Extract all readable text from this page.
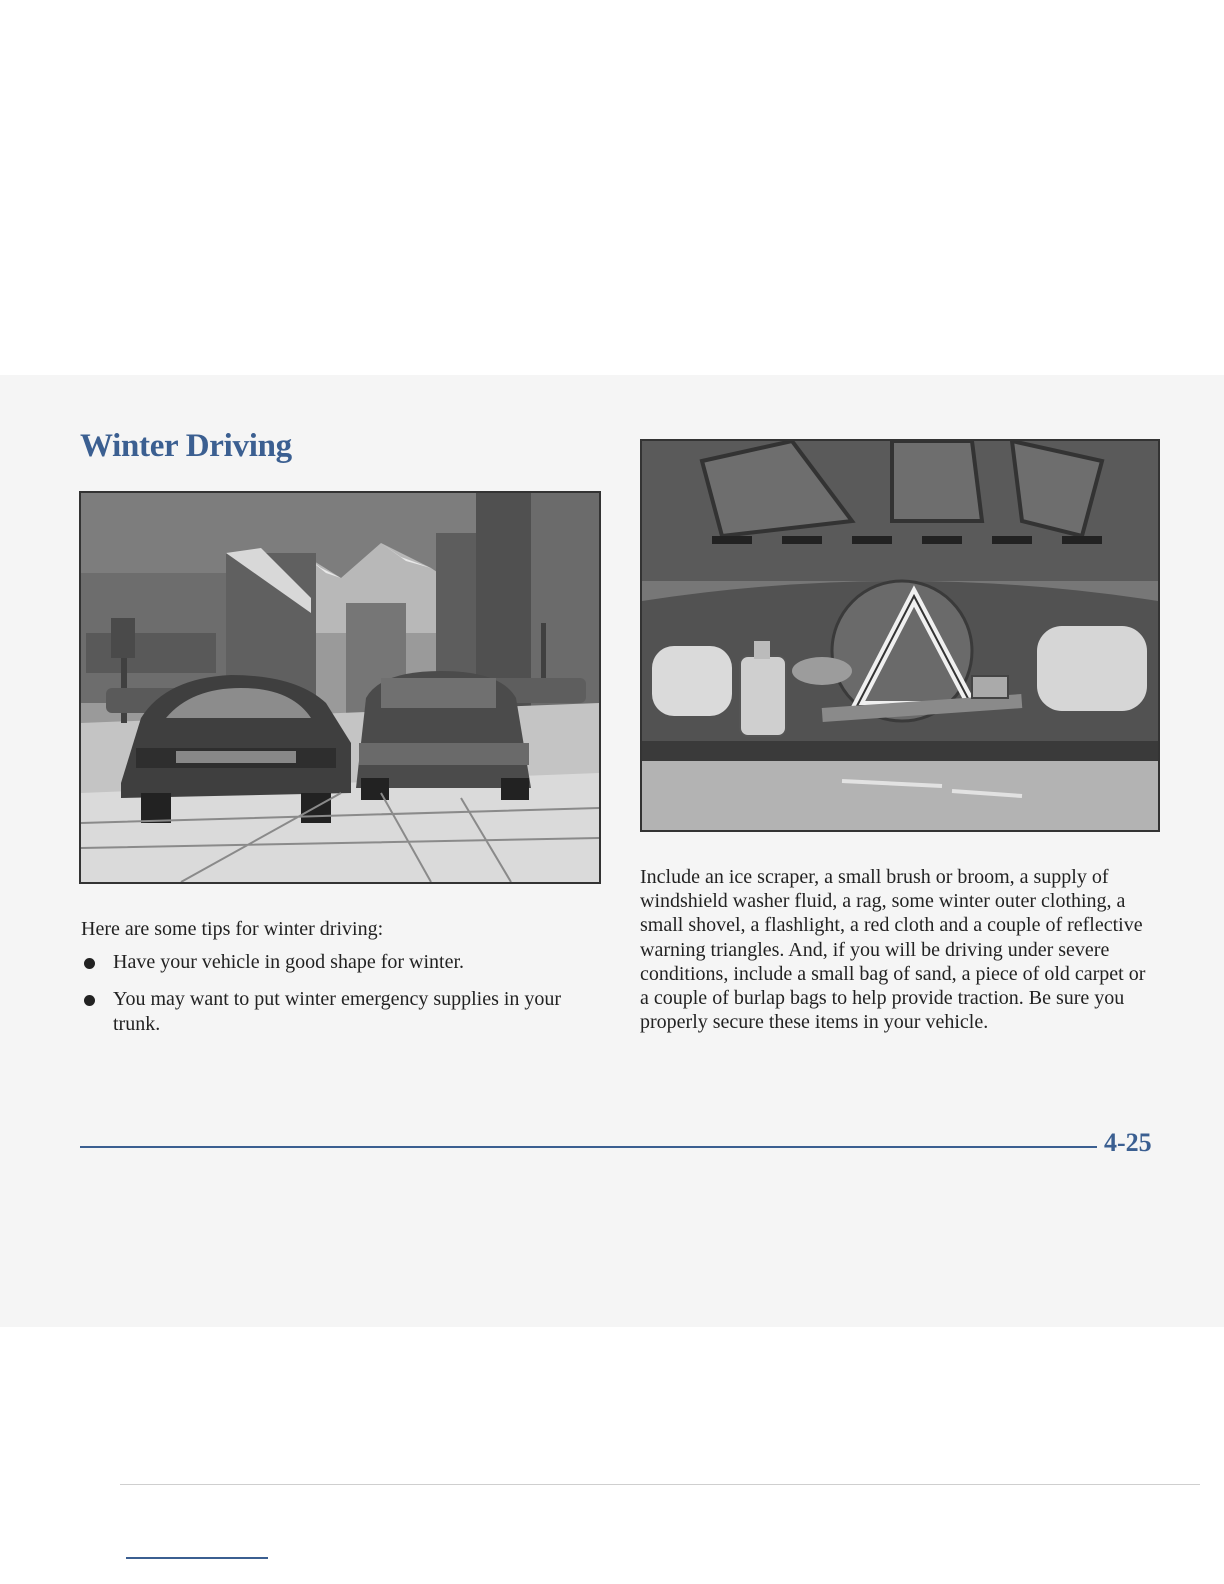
Winter Driving

Here are some tips for winter driving:

Have your vehicle in good shape for winter.
You may want to put winter emergency supplies in your trunk.

Include an ice scraper, a small brush or broom, a supply of windshield washer fluid, a rag, some winter outer clothing, a small shovel, a flashlight, a red cloth and a couple of reflective warning triangles. And, if you will be driving under severe conditions, include a small bag of sand, a piece of old carpet or a couple of burlap bags to help provide traction. Be sure you properly secure these items in your vehicle.

4-25
